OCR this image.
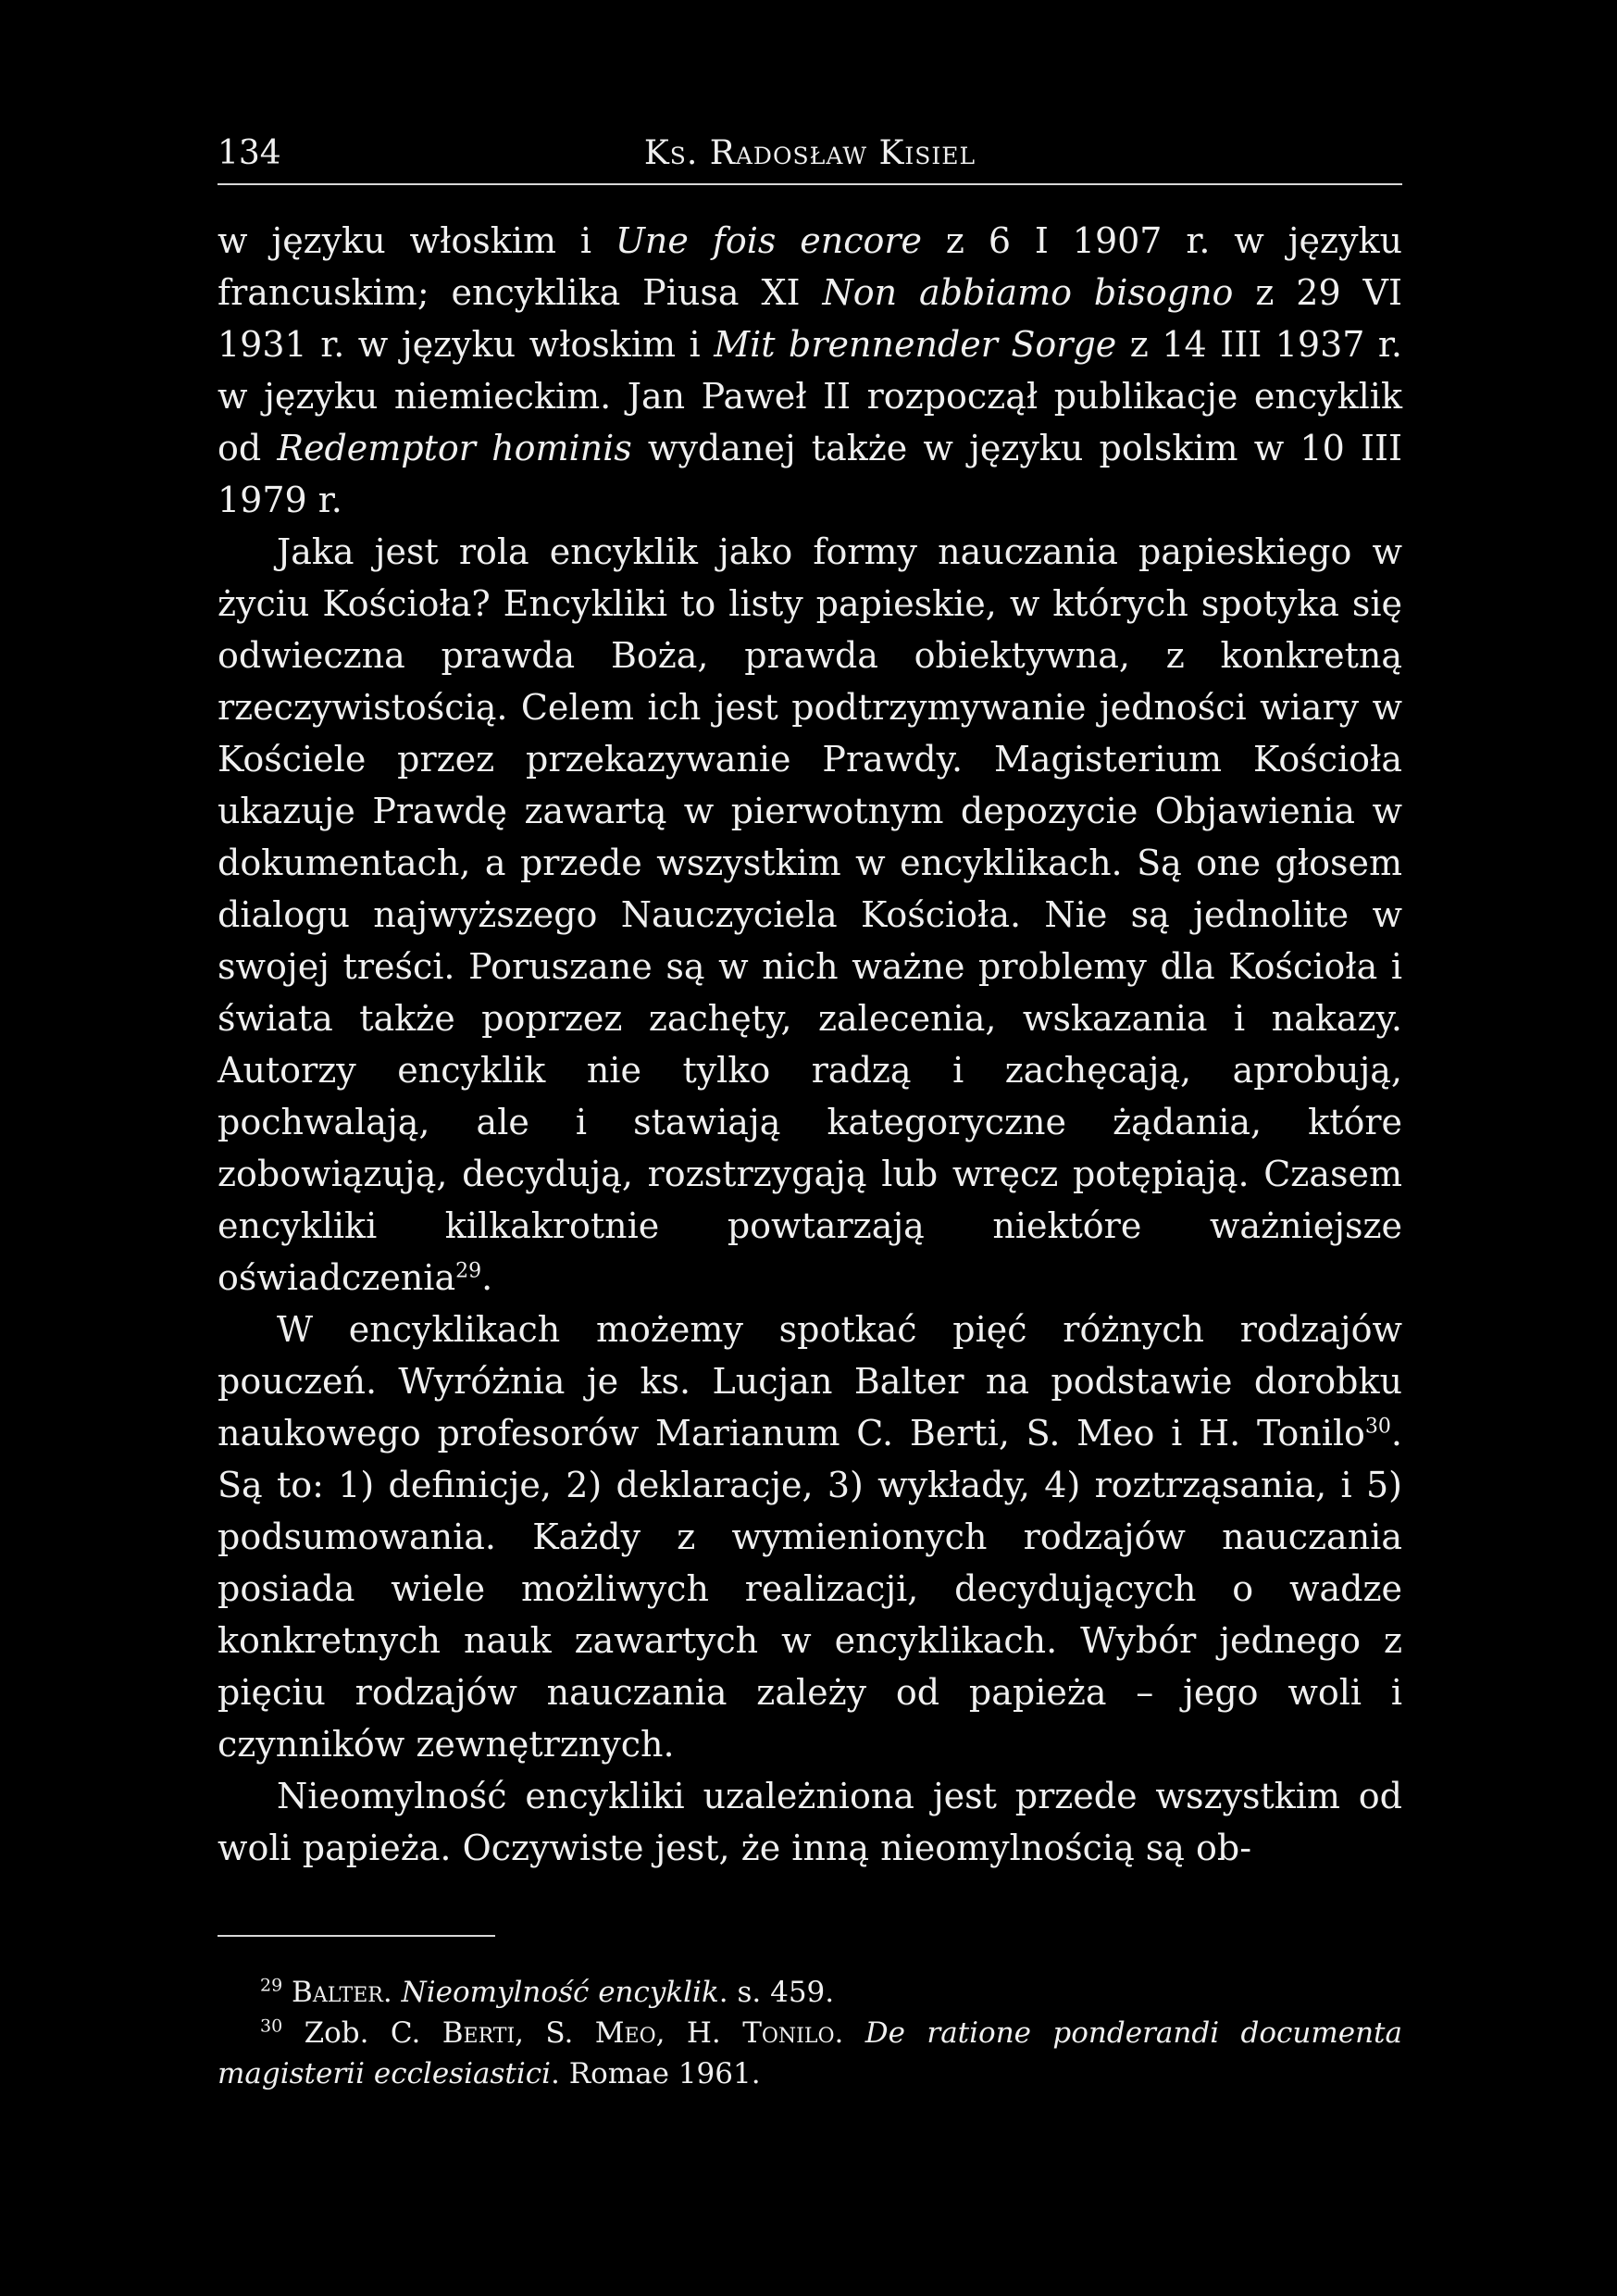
134	Ks. Radosław Kisiel

w języku włoskim i Une fois encore z 6 I 1907 r. w języku francuskim; encyklika Piusa XI Non abbiamo bisogno z 29 VI 1931 r. w języku włoskim i Mit brennender Sorge z 14 III 1937 r. w języku niemieckim. Jan Paweł II rozpoczął publikacje encyklik od Redemptor hominis wydanej także w języku polskim w 10 III 1979 r.

Jaka jest rola encyklik jako formy nauczania papieskiego w życiu Kościoła? Encykliki to listy papieskie, w których spotyka się odwieczna prawda Boża, prawda obiektywna, z konkretną rzeczywistością. Celem ich jest podtrzymywanie jedności wiary w Kościele przez przekazywanie Prawdy. Magisterium Kościoła ukazuje Prawdę zawartą w pierwotnym depozycie Objawienia w dokumentach, a przede wszystkim w encyklikach. Są one głosem dialogu najwyższego Nauczyciela Kościoła. Nie są jednolite w swojej treści. Poruszane są w nich ważne problemy dla Kościoła i świata także poprzez zachęty, zalecenia, wskazania i nakazy. Autorzy encyklik nie tylko radzą i zachęcają, aprobują, pochwalają, ale i stawiają kategoryczne żądania, które zobowiązują, decydują, rozstrzygają lub wręcz potępiają. Czasem encykliki kilkakrotnie powtarzają niektóre ważniejsze oświadczenia$^{29}$.

W encyklikach możemy spotkać pięć różnych rodzajów pouczeń. Wyróżnia je ks. Lucjan Balter na podstawie dorobku naukowego profesorów Marianum C. Berti, S. Meo i H. Tonilo$^{30}$. Są to: 1) definicje, 2) deklaracje, 3) wykłady, 4) roztrząsania, i 5) podsumowania. Każdy z wymienionych rodzajów nauczania posiada wiele możliwych realizacji, decydujących o wadze konkretnych nauk zawartych w encyklikach. Wybór jednego z pięciu rodzajów nauczania zależy od papieża – jego woli i czynników zewnętrznych.

Nieomylność encykliki uzależniona jest przede wszystkim od woli papieża. Oczywiste jest, że inną nieomylnością są ob-

$^{29}$ Balter. Nieomylność encyklik. s. 459.

$^{30}$ Zob. C. Berti, S. Meo, H. Tonilo. De ratione ponderandi documenta magisterii ecclesiastici. Romae 1961.
